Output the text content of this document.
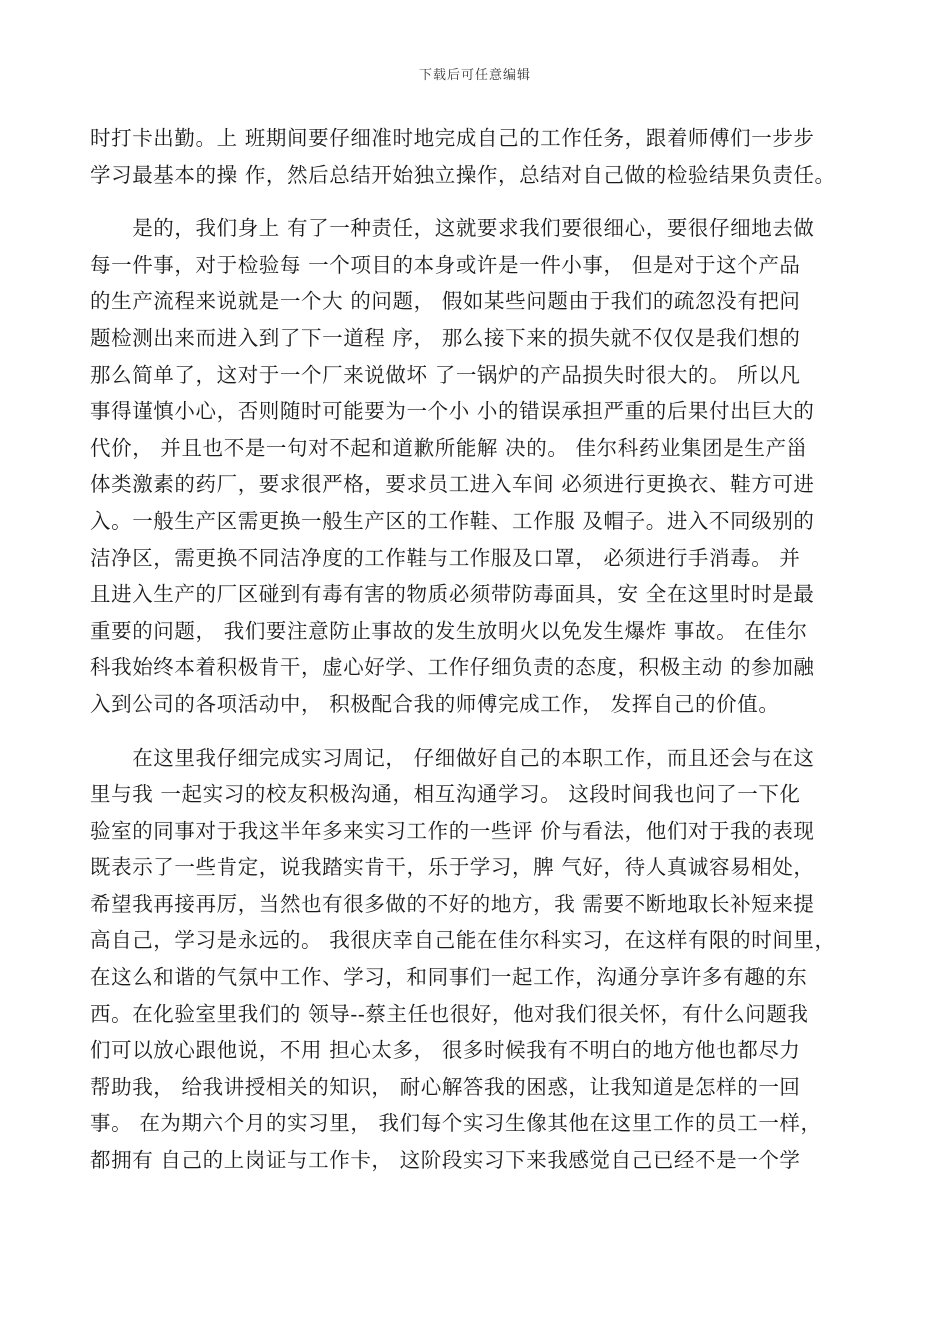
下载后可任意编辑
时打卡出勤。上 班期间要仔细准时地完成自己的工作任务，跟着师傅们一步步
学习最基本的操 作，然后总结开始独立操作，总结对自己做的检验结果负责任。
　　是的，我们身上 有了一种责任，这就要求我们要很细心，要很仔细地去做
每一件事，对于检验每 一个项目的本身或许是一件小事， 但是对于这个产品
的生产流程来说就是一个大 的问题， 假如某些问题由于我们的疏忽没有把问
题检测出来而进入到了下一道程 序， 那么接下来的损失就不仅仅是我们想的
那么简单了，这对于一个厂来说做坏 了一锅炉的产品损失时很大的。 所以凡
事得谨慎小心，否则随时可能要为一个小 小的错误承担严重的后果付出巨大的
代价， 并且也不是一句对不起和道歉所能解 决的。 佳尔科药业集团是生产甾
体类激素的药厂，要求很严格，要求员工进入车间 必须进行更换衣、鞋方可进
入。一般生产区需更换一般生产区的工作鞋、工作服 及帽子。进入不同级别的
洁净区，需更换不同洁净度的工作鞋与工作服及口罩， 必须进行手消毒。 并
且进入生产的厂区碰到有毒有害的物质必须带防毒面具，安 全在这里时时是最
重要的问题， 我们要注意防止事故的发生放明火以免发生爆炸 事故。 在佳尔
科我始终本着积极肯干，虚心好学、工作仔细负责的态度，积极主动 的参加融
入到公司的各项活动中， 积极配合我的师傅完成工作， 发挥自己的价值。
　　在这里我仔细完成实习周记， 仔细做好自己的本职工作，而且还会与在这
里与我 一起实习的校友积极沟通，相互沟通学习。 这段时间我也问了一下化
验室的同事对于我这半年多来实习工作的一些评 价与看法，他们对于我的表现
既表示了一些肯定，说我踏实肯干，乐于学习，脾 气好，待人真诚容易相处，
希望我再接再厉，当然也有很多做的不好的地方，我 需要不断地取长补短来提
高自己，学习是永远的。 我很庆幸自己能在佳尔科实习，在这样有限的时间里，
在这么和谐的气氛中工作、学习，和同事们一起工作，沟通分享许多有趣的东
西。在化验室里我们的 领导--蔡主任也很好，他对我们很关怀，有什么问题我
们可以放心跟他说，不用 担心太多， 很多时候我有不明白的地方他也都尽力
帮助我， 给我讲授相关的知识， 耐心解答我的困惑，让我知道是怎样的一回
事。 在为期六个月的实习里， 我们每个实习生像其他在这里工作的员工一样，
都拥有 自己的上岗证与工作卡， 这阶段实习下来我感觉自己已经不是一个学
